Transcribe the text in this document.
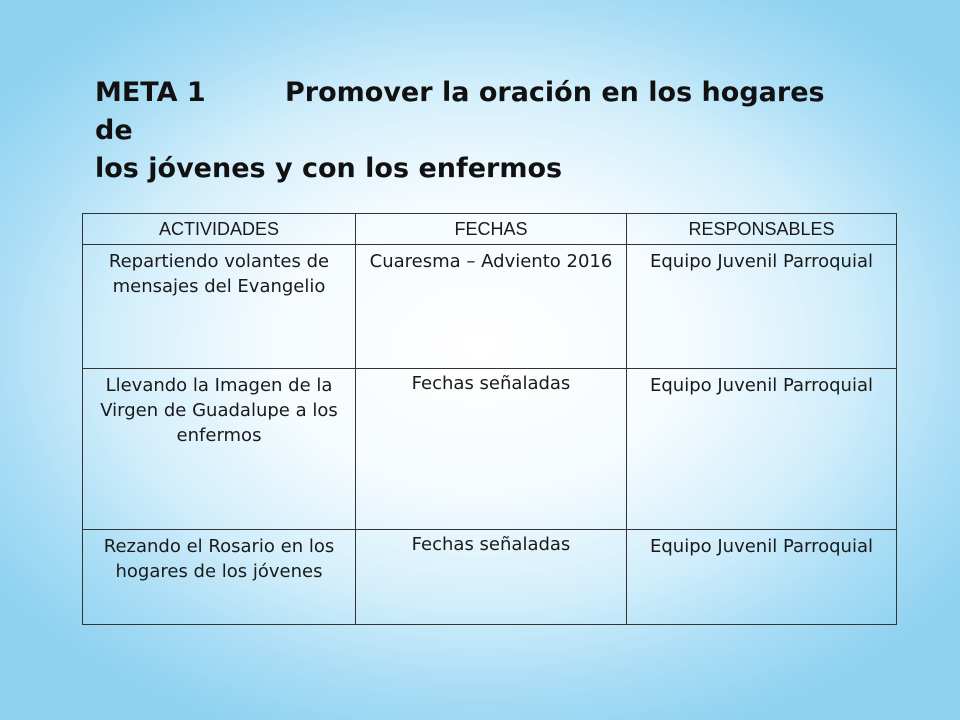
META 1	Promover la oración en los hogares de
los jóvenes y con los enfermos
ACTIVIDADES	FECHAS	RESPONSABLES
Repartiendo volantes de mensajes del Evangelio	Cuaresma – Adviento 2016	Equipo Juvenil Parroquial
Llevando la Imagen de la Virgen de Guadalupe a los enfermos	Fechas señaladas	Equipo Juvenil Parroquial
Rezando el Rosario en los hogares de los jóvenes	Fechas señaladas	Equipo Juvenil Parroquial
